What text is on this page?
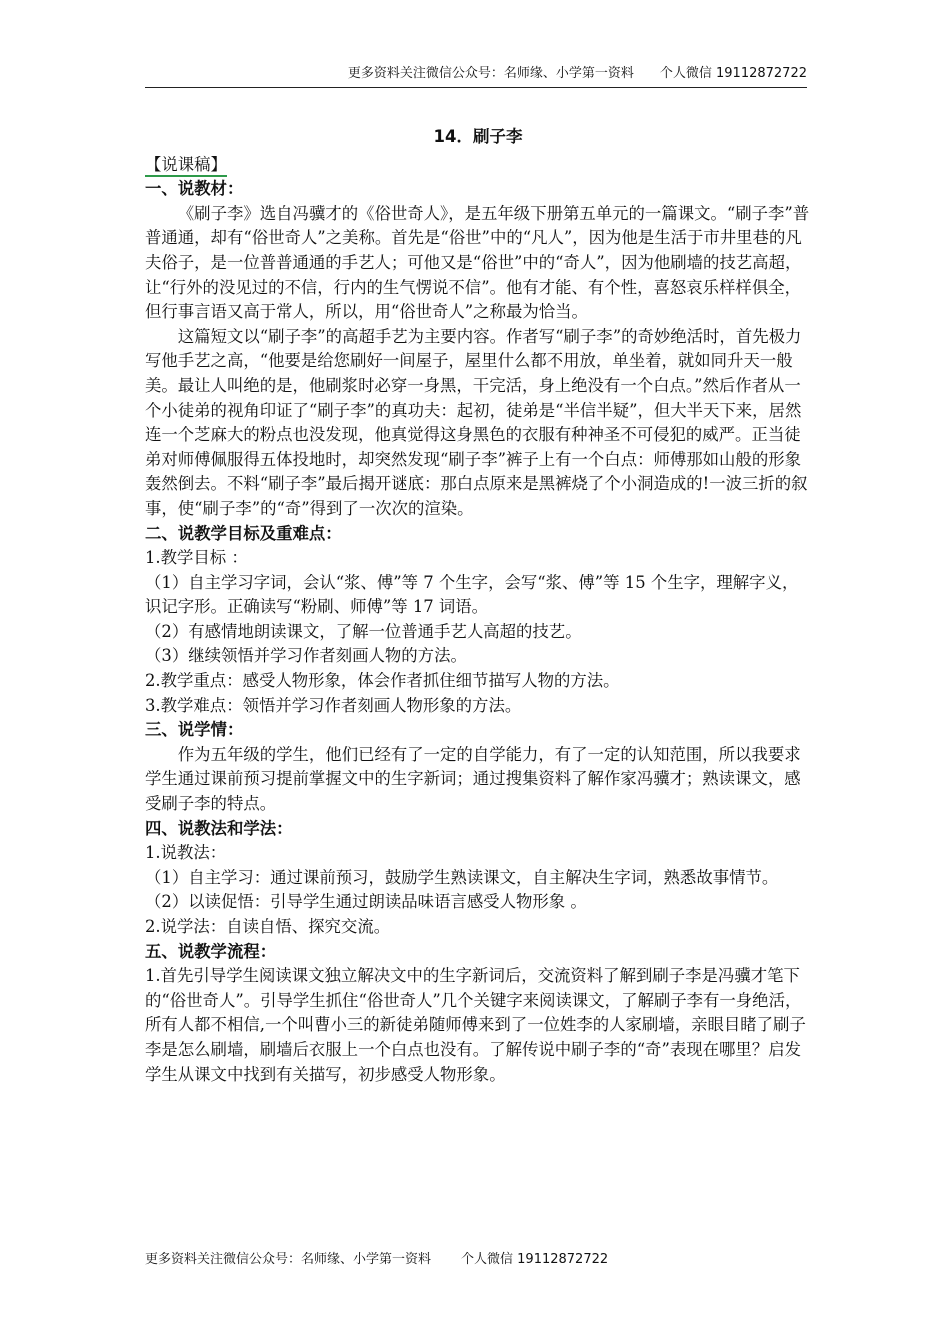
更多资料关注微信公众号：名师缘、小学第一资料 个人微信 19112872722
14．刷子李
【说课稿】
一、说教材：

《刷子李》选自冯骥才的《俗世奇人》，是五年级下册第五单元的一篇课文。“刷子李”普普通通，却有“俗世奇人”之美称。首先是“俗世”中的“凡人”，因为他是生活于市井里巷的凡夫俗子，是一位普普通通的手艺人；可他又是“俗世”中的“奇人”，因为他刷墙的技艺高超，让“行外的没见过的不信，行内的生气愣说不信”。他有才能、有个性，喜怒哀乐样样俱全，但行事言语又高于常人，所以，用“俗世奇人”之称最为恰当。

这篇短文以“刷子李”的高超手艺为主要内容。作者写“刷子李”的奇妙绝活时，首先极力写他手艺之高，“他要是给您刷好一间屋子，屋里什么都不用放，单坐着，就如同升天一般美。最让人叫绝的是，他刷浆时必穿一身黑，干完活，身上绝没有一个白点。”然后作者从一个小徒弟的视角印证了“刷子李”的真功夫：起初，徒弟是“半信半疑”，但大半天下来，居然连一个芝麻大的粉点也没发现，他真觉得这身黑色的衣服有种神圣不可侵犯的威严。正当徒弟对师傅佩服得五体投地时，却突然发现“刷子李”裤子上有一个白点：师傅那如山般的形象轰然倒去。不料“刷子李”最后揭开谜底：那白点原来是黑裤烧了个小洞造成的!一波三折的叙事，使“刷子李”的“奇”得到了一次次的渲染。

二、说教学目标及重难点：

1.教学目标 ：

（1）自主学习字词，会认“浆、傅”等 7 个生字，会写“浆、傅”等 15 个生字，理解字义，识记字形。正确读写“粉刷、师傅”等 17 词语。

（2）有感情地朗读课文，了解一位普通手艺人高超的技艺。

（3）继续领悟并学习作者刻画人物的方法。

2.教学重点：感受人物形象，体会作者抓住细节描写人物的方法。

3.教学难点：领悟并学习作者刻画人物形象的方法。

三、说学情：

作为五年级的学生，他们已经有了一定的自学能力，有了一定的认知范围，所以我要求学生通过课前预习提前掌握文中的生字新词；通过搜集资料了解作家冯骥才；熟读课文，感受刷子李的特点。

四、说教法和学法：

1.说教法：

（1）自主学习：通过课前预习，鼓励学生熟读课文，自主解决生字词，熟悉故事情节。

（2）以读促悟：引导学生通过朗读品味语言感受人物形象 。

2.说学法：自读自悟、探究交流。

五、说教学流程：

1.首先引导学生阅读课文独立解决文中的生字新词后，交流资料了解到刷子李是冯骥才笔下的“俗世奇人”。引导学生抓住“俗世奇人”几个关键字来阅读课文，了解刷子李有一身绝活，所有人都不相信,一个叫曹小三的新徒弟随师傅来到了一位姓李的人家刷墙，亲眼目睹了刷子李是怎么刷墙，刷墙后衣服上一个白点也没有。了解传说中刷子李的“奇”表现在哪里？启发学生从课文中找到有关描写，初步感受人物形象。

更多资料关注微信公众号：名师缘、小学第一资料 个人微信 19112872722
